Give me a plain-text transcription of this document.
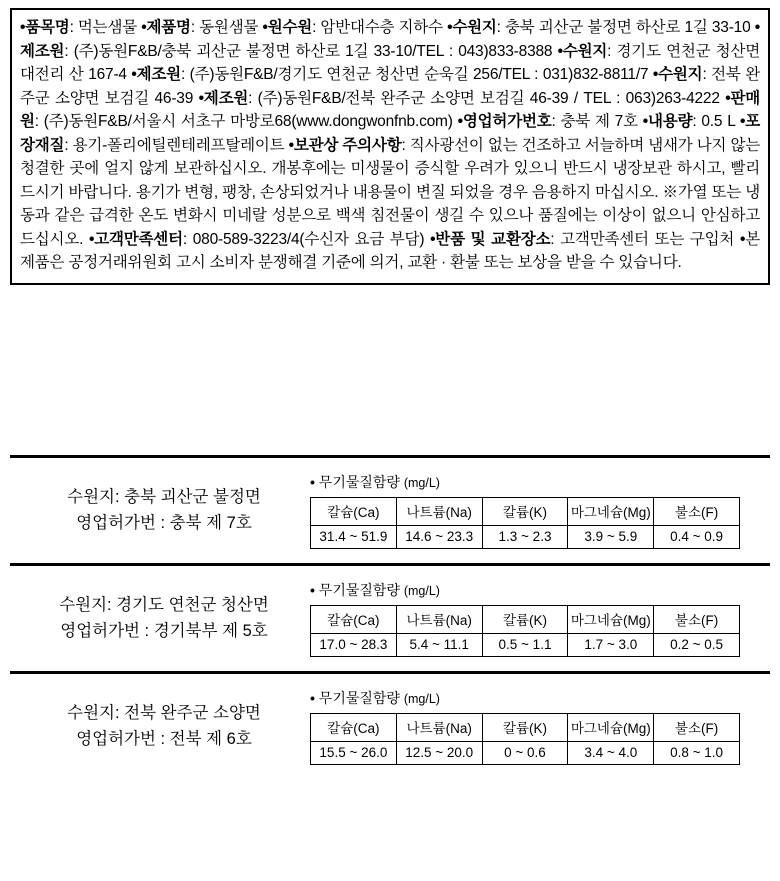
•품목명: 먹는샘물 •제품명: 동원샘물 •원수원: 암반대수층 지하수 •수원지: 충북 괴산군 불정면 하산로 1길 33-10 •제조원: (주)동원F&B/충북 괴산군 불정면 하산로 1길 33-10/TEL : 043)833-8388 •수원지: 경기도 연천군 청산면 대전리 산 167-4 •제조원: (주)동원F&B/경기도 연천군 청산면 순욱길 256/TEL : 031)832-8811/7 •수원지: 전북 완주군 소양면 보검길 46-39 •제조원: (주)동원F&B/전북 완주군 소양면 보검길 46-39 / TEL : 063)263-4222 •판매원: (주)동원F&B/서울시 서초구 마방로68(www.dongwonfnb.com) •영업허가번호: 충북 제 7호 •내용량: 0.5 L •포장재질: 용기-폴리에틸렌테레프탈레이트 •보관상 주의사항: 직사광선이 없는 건조하고 서늘하며 냄새가 나지 않는 청결한 곳에 얼지 않게 보관하십시오. 개봉후에는 미생물이 증식할 우려가 있으니 반드시 냉장보관 하시고, 빨리 드시기 바랍니다. 용기가 변형, 팽창, 손상되었거나 내용물이 변질 되었을 경우 음용하지 마십시오. ※가열 또는 냉동과 같은 급격한 온도 변화시 미네랄 성분으로 백색 침전물이 생길 수 있으나 품질에는 이상이 없으니 안심하고 드십시오. •고객만족센터: 080-589-3223/4(수신자 요금 부담) •반품 및 교환장소: 고객만족센터 또는 구입처 •본 제품은 공정거래위원회 고시 소비자 분쟁해결 기준에 의거, 교환 · 환불 또는 보상을 받을 수 있습니다.
수원지: 충북 괴산군 불정면
영업허가번 : 충북 제 7호
• 무기물질함량 (mg/L)
칼슘(Ca)	나트륨(Na)	칼륨(K)	마그네슘(Mg)	불소(F)
31.4 ~ 51.9	14.6 ~ 23.3	1.3 ~ 2.3	3.9 ~ 5.9	0.4 ~ 0.9
수원지: 경기도 연천군 청산면
영업허가번 : 경기북부 제 5호
• 무기물질함량 (mg/L)
칼슘(Ca)	나트륨(Na)	칼륨(K)	마그네슘(Mg)	불소(F)
17.0 ~ 28.3	5.4 ~ 11.1	0.5 ~ 1.1	1.7 ~ 3.0	0.2 ~ 0.5
수원지: 전북 완주군 소양면
영업허가번 : 전북 제 6호
• 무기물질함량 (mg/L)
칼슘(Ca)	나트륨(Na)	칼륨(K)	마그네슘(Mg)	불소(F)
15.5 ~ 26.0	12.5 ~ 20.0	0 ~ 0.6	3.4 ~ 4.0	0.8 ~ 1.0
